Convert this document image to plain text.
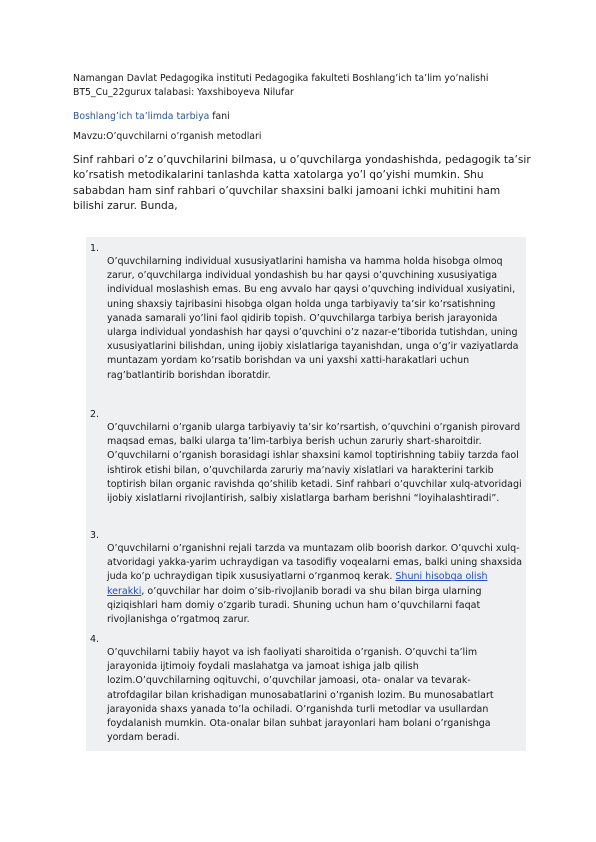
Namangan Davlat Pedagogika instituti Pedagogika fakulteti Boshlang’ich ta’lim yo’nalishi
BT5_Cu_22gurux talabasi: Yaxshiboyeva Nilufar
Boshlang’ich ta’limda tarbiya fani
Mavzu:O’quvchilarni o’rganish metodlari
Sinf rahbari o’z o’quvchilarini bilmasa, u o’quvchilarga yondashishda, pedagogik ta’sir ko’rsatish metodikalarini tanlashda katta xatolarga yo’l qo’yishi mumkin. Shu sababdan ham sinf rahbari o’quvchilar shaxsini balki jamoani ichki muhitini ham bilishi zarur. Bunda,
1.
O’quvchilarning individual xususiyatlarini hamisha va hamma holda hisobga olmoq zarur, o’quvchilarga individual yondashish bu har qaysi o’quvchining xususiyatiga individual moslashish emas. Bu eng avvalo har qaysi o’quvching individual xusiyatini, uning shaxsiy tajribasini hisobga olgan holda unga tarbiyaviy ta’sir ko’rsatishning yanada samarali yo’lini faol qidirib topish. O’quvchilarga tarbiya berish jarayonida ularga individual yondashish har qaysi o’quvchini o’z nazar-e’tiborida tutishdan, uning xususiyatlarini bilishdan, uning ijobiy xislatlariga tayanishdan, unga o’g’ir vaziyatlarda muntazam yordam ko’rsatib borishdan va uni yaxshi xatti-harakatlari uchun rag’batlantirib borishdan iboratdir.
2.
O’quvchilarni o’rganib ularga tarbiyaviy ta’sir ko’rsartish, o’quvchini o’rganish pirovard maqsad emas, balki ularga ta’lim-tarbiya berish uchun zaruriy shart-sharoitdir. O’quvchilarni o’rganish borasidagi ishlar shaxsini kamol toptirishning tabiiy tarzda faol ishtirok etishi bilan, o’quvchilarda zaruriy ma’naviy xislatlari va harakterini tarkib toptirish bilan organic ravishda qo’shilib ketadi. Sinf rahbari o’quvchilar xulq-atvoridagi ijobiy xislatlarni rivojlantirish, salbiy xislatlarga barham berishni “loyihalashtiradi”.
3.
O’quvchilarni o’rganishni rejali tarzda va muntazam olib boorish darkor. O’quvchi xulq-atvoridagi yakka-yarim uchraydigan va tasodifiy voqealarni emas, balki uning shaxsida juda ko’p uchraydigan tipik xususiyatlarni o’rganmoq kerak. Shuni hisobga olish kerakki, o’quvchilar har doim o’sib-rivojlanib boradi va shu bilan birga ularning qiziqishlari ham domiy o’zgarib turadi. Shuning uchun ham o’quvchilarni faqat rivojlanishga o’rgatmoq zarur.
4.
O’quvchilarni tabiiy hayot va ish faoliyati sharoitida o’rganish. O’quvchi ta’lim jarayonida ijtimoiy foydali maslahatga va jamoat ishiga jalb qilish lozim.O’quvchilarning oqituvchi, o’quvchilar jamoasi, ota- onalar va tevarak-atrofdagilar bilan krishadigan munosabatlarini o’rganish lozim. Bu munosabatlart jarayonida shaxs yanada to’la ochiladi. O’rganishda turli metodlar va usullardan foydalanish mumkin. Ota-onalar bilan suhbat jarayonlari ham bolani o’rganishga yordam beradi.
